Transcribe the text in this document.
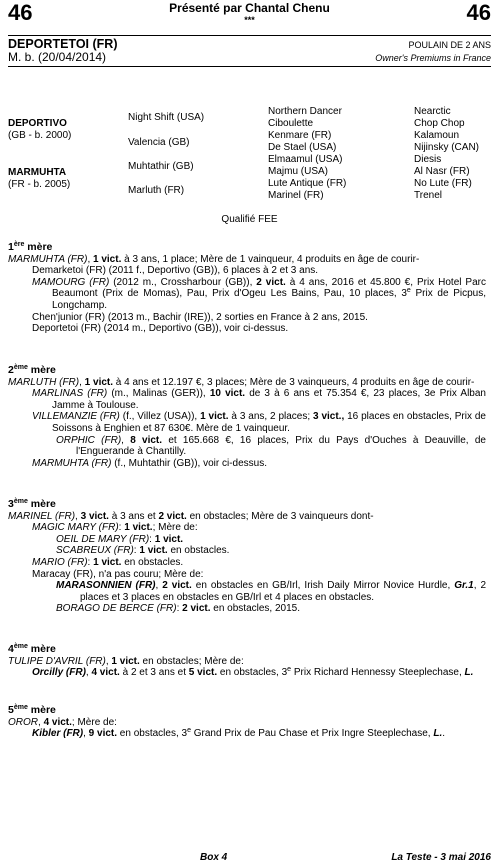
46	46
Présenté par Chantal Chenu
***
DEPORTETOI (FR)
M. b. (20/04/2014)
POULAIN DE 2 ANS
Owner's Premiums in France
DEPORTIVO
(GB - b. 2000)
MARMUHTA
(FR - b. 2005)
Night Shift (USA)
Valencia (GB)
Muhtathir (GB)
Marluth (FR)
Northern Dancer
Ciboulette
Kenmare (FR)
De Stael (USA)
Elmaamul (USA)
Majmu (USA)
Lute Antique (FR)
Marinel (FR)
Nearctic
Chop Chop
Kalamoun
Nijinsky (CAN)
Diesis
Al Nasr (FR)
No Lute (FR)
Trenel
Qualifié FEE
1ère mère
MARMUHTA (FR), 1 vict. à 3 ans, 1 place; Mère de 1 vainqueur, 4 produits en âge de courir-
Demarketoi (FR) (2011 f., Deportivo (GB)), 6 places à 2 et 3 ans.
MAMOURG (FR) (2012 m., Crossharbour (GB)), 2 vict. à 4 ans, 2016 et 45.800 €, Prix Hotel Parc Beaumont (Prix de Momas), Pau, Prix d'Ogeu Les Bains, Pau, 10 places, 3e Prix de Picpus, Longchamp.
Chen'junior (FR) (2013 m., Bachir (IRE)), 2 sorties en France à 2 ans, 2015.
Deportetoi (FR) (2014 m., Deportivo (GB)), voir ci-dessus.
2ème mère
MARLUTH (FR), 1 vict. à 4 ans et 12.197 €, 3 places; Mère de 3 vainqueurs, 4 produits en âge de courir-
MARLINAS (FR) (m., Malinas (GER)), 10 vict. de 3 à 6 ans et 75.354 €, 23 places, 3e Prix Alban Jamme à Toulouse.
VILLEMANZIE (FR) (f., Villez (USA)), 1 vict. à 3 ans, 2 places; 3 vict., 16 places en obstacles, Prix de Soissons à Enghien et 87 630€. Mère de 1 vainqueur.
ORPHIC (FR), 8 vict. et 165.668 €, 16 places, Prix du Pays d'Ouches à Deauville, de l'Enguerande à Chantilly.
MARMUHTA (FR) (f., Muhtathir (GB)), voir ci-dessus.
3ème mère
MARINEL (FR), 3 vict. à 3 ans et 2 vict. en obstacles; Mère de 3 vainqueurs dont-
MAGIC MARY (FR): 1 vict.; Mère de:
OEIL DE MARY (FR): 1 vict.
SCABREUX (FR): 1 vict. en obstacles.
MARIO (FR): 1 vict. en obstacles.
Maracay (FR), n'a pas couru; Mère de:
MARASONNIEN (FR), 2 vict. en obstacles en GB/Irl, Irish Daily Mirror Novice Hurdle, Gr.1, 2 places et 3 places en obstacles en GB/Irl et 4 places en obstacles.
BORAGO DE BERCE (FR): 2 vict. en obstacles, 2015.
4ème mère
TULIPE D'AVRIL (FR), 1 vict. en obstacles; Mère de:
Orcilly (FR), 4 vict. à 2 et 3 ans et 5 vict. en obstacles, 3e Prix Richard Hennessy Steeplechase, L.
5ème mère
OROR, 4 vict.; Mère de:
Kibler (FR), 9 vict. en obstacles, 3e Grand Prix de Pau Chase et Prix Ingre Steeplechase, L..
Box 4	La Teste - 3 mai 2016
